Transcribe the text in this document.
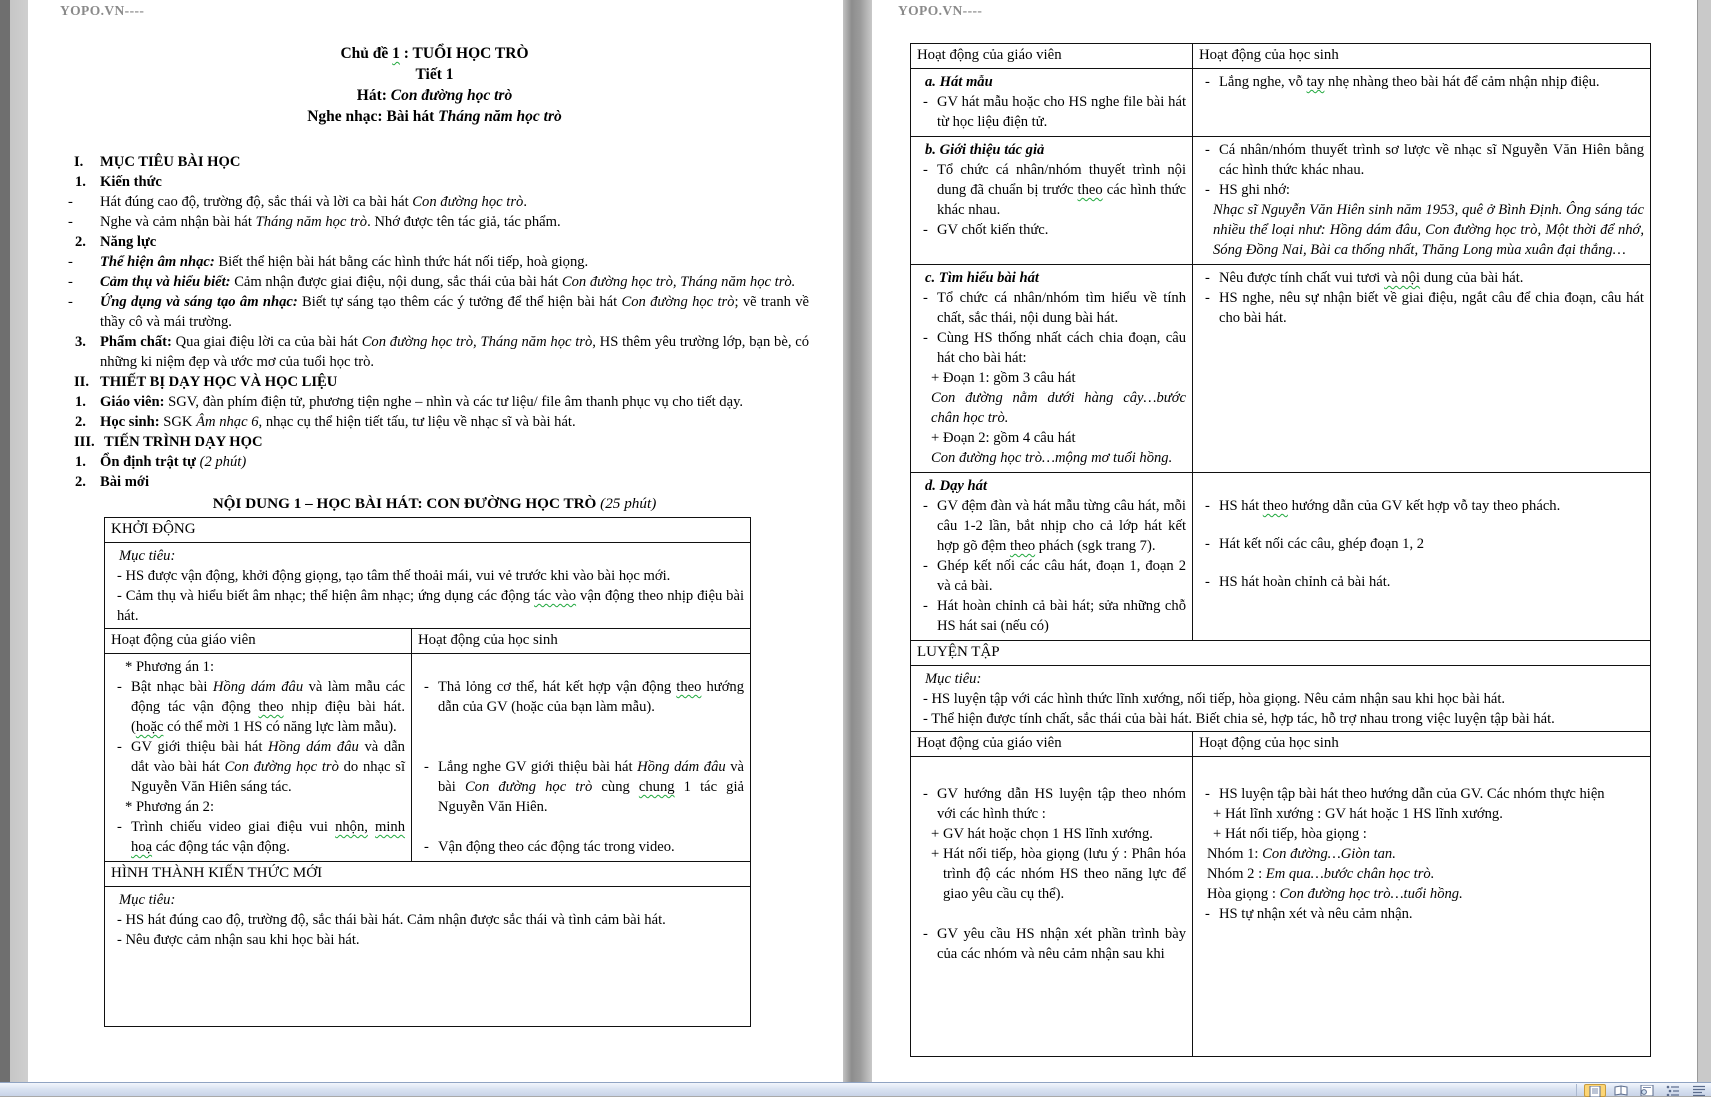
YOPO.VN----
Chủ đề 1 : TUỔI HỌC TRÒ
Tiết 1
Hát: Con đường học trò
Nghe nhạc: Bài hát Tháng năm học trò
I. MỤC TIÊU BÀI HỌC
1. Kiến thức
- Hát đúng cao độ, trường độ, sắc thái và lời ca bài hát Con đường học trò.
- Nghe và cảm nhận bài hát Tháng năm học trò. Nhớ được tên tác giả, tác phẩm.
2. Năng lực
- Thể hiện âm nhạc: Biết thể hiện bài hát bằng các hình thức hát nối tiếp, hoà giọng.
- Cảm thụ và hiểu biết: Cảm nhận được giai điệu, nội dung, sắc thái của bài hát Con đường học trò, Tháng năm học trò.
- Ứng dụng và sáng tạo âm nhạc: Biết tự sáng tạo thêm các ý tưởng để thể hiện bài hát Con đường học trò; vẽ tranh về thầy cô và mái trường.
3. Phẩm chất: Qua giai điệu lời ca của bài hát Con đường học trò, Tháng năm học trò, HS thêm yêu trường lớp, bạn bè, có những ki niệm đẹp và ước mơ của tuổi học trò.
II. THIẾT BỊ DẠY HỌC VÀ HỌC LIỆU
1. Giáo viên: SGV, đàn phím điện tử, phương tiện nghe – nhìn và các tư liệu/ file âm thanh phục vụ cho tiết dạy.
2. Học sinh: SGK Âm nhạc 6, nhạc cụ thể hiện tiết tấu, tư liệu về nhạc sĩ và bài hát.
III. TIẾN TRÌNH DẠY HỌC
1. Ổn định trật tự (2 phút)
2. Bài mới
NỘI DUNG 1 – HỌC BÀI HÁT: CON ĐƯỜNG HỌC TRÒ (25 phút)
KHỞI ĐỘNG	

Mục tiêu:
- HS được vận động, khởi động giọng, tạo tâm thế thoải mái, vui vẻ trước khi vào bài học mới.
- Cảm thụ và hiểu biết âm nhạc; thể hiện âm nhạc; ứng dụng các động tác vào vận động theo nhịp điệu bài hát.	

Hoạt động của giáo viên	Hoạt động của học sinh

* Phương án 1:
- Bật nhạc bài Hồng dám đâu và làm mẫu các động tác vận động theo nhịp điệu bài hát. (hoặc có thể mời 1 HS có năng lực làm mẫu).
- GV giới thiệu bài hát Hồng dám đâu và dẫn dắt vào bài hát Con đường học trò do nhạc sĩ Nguyễn Văn Hiên sáng tác.
* Phương án 2:
- Trình chiếu video giai điệu vui nhộn, minh hoạ các động tác vận động.

- Thả lỏng cơ thể, hát kết hợp vận động theo hướng dẫn của GV (hoặc của bạn làm mẫu).
- Lắng nghe GV giới thiệu bài hát Hồng dám đâu và bài Con đường học trò cùng chung 1 tác giả Nguyễn Văn Hiên.
- Vận động theo các động tác trong video.

HÌNH THÀNH KIẾN THỨC MỚI	

Mục tiêu:
- HS hát đúng cao độ, trường độ, sắc thái bài hát. Cảm nhận được sắc thái và tình cảm bài hát.
- Nêu được cảm nhận sau khi học bài hát.	
YOPO.VN----
Hoạt động của giáo viên	Hoạt động của học sinh

a. Hát mẫu
- GV hát mẫu hoặc cho HS nghe file bài hát từ học liệu điện tử.	- Lắng nghe, vỗ tay nhẹ nhàng theo bài hát để cảm nhận nhịp điệu.

b. Giới thiệu tác giả
- Tổ chức cá nhân/nhóm thuyết trình nội dung đã chuẩn bị trước theo các hình thức khác nhau.
- GV chốt kiến thức.

- Cá nhân/nhóm thuyết trình sơ lược về nhạc sĩ Nguyễn Văn Hiên bằng các hình thức khác nhau.
- HS ghi nhớ:
Nhạc sĩ Nguyễn Văn Hiên sinh năm 1953, quê ở Bình Định. Ông sáng tác nhiều thể loại như: Hồng dám đâu, Con đường học trò, Một thời để nhớ, Sóng Đồng Nai, Bài ca thống nhất, Thăng Long mùa xuân đại thắng…

c. Tìm hiểu bài hát
- Tổ chức cá nhân/nhóm tìm hiểu về tính chất, sắc thái, nội dung bài hát.
- Cùng HS thống nhất cách chia đoạn, câu hát cho bài hát:
+ Đoạn 1: gồm 3 câu hát
Con đường nằm dưới hàng cây…bước chân học trò.
+ Đoạn 2: gồm 4 câu hát
Con đường học trò…mộng mơ tuổi hồng.

- Nêu được tính chất vui tươi và nội dung của bài hát.
- HS nghe, nêu sự nhận biết về giai điệu, ngắt câu để chia đoạn, câu hát cho bài hát.

d. Dạy hát
- GV đệm đàn và hát mẫu từng câu hát, mỗi câu 1-2 lần, bắt nhịp cho cả lớp hát kết hợp gõ đệm theo phách (sgk trang 7).
- Ghép kết nối các câu hát, đoạn 1, đoạn 2 và cả bài.
- Hát hoàn chỉnh cả bài hát; sửa những chỗ HS hát sai (nếu có)

- HS hát theo hướng dẫn của GV kết hợp vỗ tay theo phách.
- Hát kết nối các câu, ghép đoạn 1, 2
- HS hát hoàn chỉnh cả bài hát.

LUYỆN TẬP	

Mục tiêu:
- HS luyện tập với các hình thức lĩnh xướng, nối tiếp, hòa giọng. Nêu cảm nhận sau khi học bài hát.
- Thể hiện được tính chất, sắc thái của bài hát. Biết chia sẻ, hợp tác, hỗ trợ nhau trong việc luyện tập bài hát.	

Hoạt động của giáo viên	Hoạt động của học sinh

- GV hướng dẫn HS luyện tập theo nhóm với các hình thức :
+ GV hát hoặc chọn 1 HS lĩnh xướng.
+ Hát nối tiếp, hòa giọng (lưu ý : Phân hóa trình độ các nhóm HS theo năng lực để giao yêu cầu cụ thể).
- GV yêu cầu HS nhận xét phần trình bày của các nhóm và nêu cảm nhận sau khi

- HS luyện tập bài hát theo hướng dẫn của GV. Các nhóm thực hiện
+ Hát lĩnh xướng : GV hát hoặc 1 HS lĩnh xướng.
+ Hát nối tiếp, hòa giọng :
Nhóm 1: Con đường…Giòn tan.
Nhóm 2 : Em qua…bước chân học trò.
Hòa giọng : Con đường học trò…tuổi hồng.
- HS tự nhận xét và nêu cảm nhận.
